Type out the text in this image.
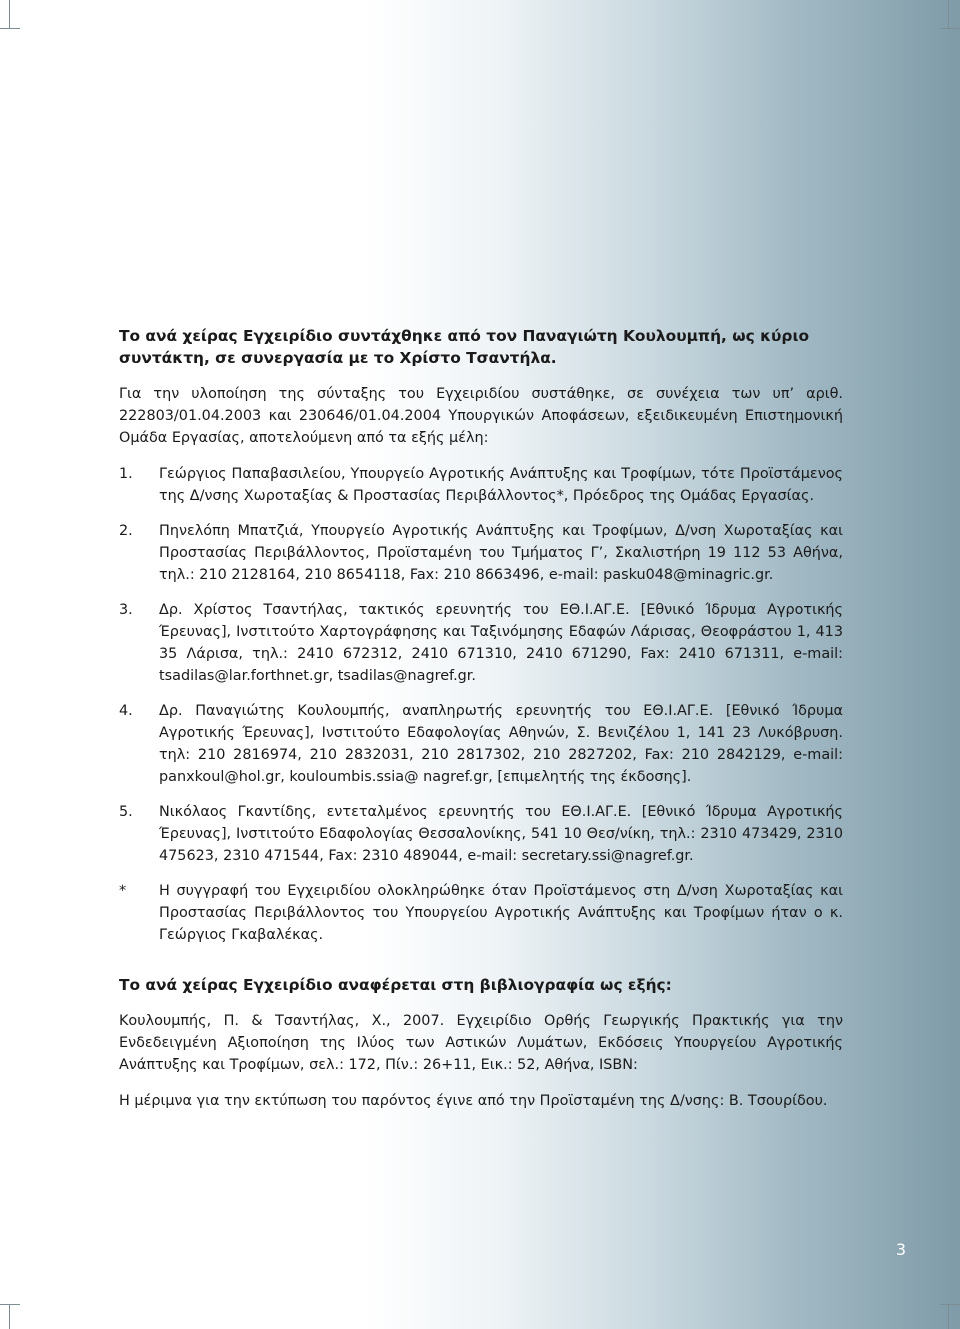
Το ανά χείρας Εγχειρίδιο συντάχθηκε από τον Παναγιώτη Κουλουμπή, ως κύριο συντάκτη, σε συνεργασία με το Χρίστο Τσαντήλα.

Για την υλοποίηση της σύνταξης του Εγχειριδίου συστάθηκε, σε συνέχεια των υπ’ αριθ. 222803/01.04.2003 και 230646/01.04.2004 Υπουργικών Αποφάσεων, εξειδικευμένη Επιστημονική Ομάδα Εργασίας, αποτελούμενη από τα εξής μέλη:

1.	Γεώργιος Παπαβασιλείου, Υπουργείο Αγροτικής Ανάπτυξης και Τροφίμων, τότε Προϊστάμενος της Δ/νσης Χωροταξίας & Προστασίας Περιβάλλοντος*, Πρόεδρος της Ομάδας Εργασίας.
2.	Πηνελόπη Μπατζιά, Υπουργείο Αγροτικής Ανάπτυξης και Τροφίμων, Δ/νση Χωροταξίας και Προστασίας Περιβάλλοντος, Προϊσταμένη του Τμήματος Γ’, Σκαλιστήρη 19 112 53 Αθήνα, τηλ.: 210 2128164, 210 8654118, Fax: 210 8663496, e-mail: pasku048@minagric.gr.
3.	Δρ. Χρίστος Τσαντήλας, τακτικός ερευνητής του ΕΘ.Ι.ΑΓ.Ε. [Εθνικό Ίδρυμα Αγροτικής Έρευνας], Ινστιτούτο Χαρτογράφησης και Ταξινόμησης Εδαφών Λάρισας, Θεοφράστου 1, 413 35 Λάρισα, τηλ.: 2410 672312, 2410 671310, 2410 671290, Fax: 2410 671311, e-mail: tsadilas@lar.forthnet.gr, tsadilas@nagref.gr.
4.	Δρ. Παναγιώτης Κουλουμπής, αναπληρωτής ερευνητής του ΕΘ.Ι.ΑΓ.Ε. [Εθνικό Ίδρυμα Αγροτικής Έρευνας], Ινστιτούτο Εδαφολογίας Αθηνών, Σ. Βενιζέλου 1, 141 23 Λυκόβρυση. τηλ: 210 2816974, 210 2832031, 210 2817302, 210 2827202, Fax: 210 2842129, e-mail: panxkoul@hol.gr, kouloumbis.ssia@ nagref.gr, [επιμελητής της έκδοσης].
5.	Νικόλαος Γκαντίδης, εντεταλμένος ερευνητής του ΕΘ.Ι.ΑΓ.Ε. [Εθνικό Ίδρυμα Αγροτικής Έρευνας], Ινστιτούτο Εδαφολογίας Θεσσαλονίκης, 541 10 Θεσ/νίκη, τηλ.: 2310 473429, 2310 475623, 2310 471544, Fax: 2310 489044, e-mail: secretary.ssi@nagref.gr.
*	Η συγγραφή του Εγχειριδίου ολοκληρώθηκε όταν Προϊστάμενος στη Δ/νση Χωροταξίας και Προστασίας Περιβάλλοντος του Υπουργείου Αγροτικής Ανάπτυξης και Τροφίμων ήταν ο κ. Γεώργιος Γκαβαλέκας.

Το ανά χείρας Εγχειρίδιο αναφέρεται στη βιβλιογραφία ως εξής:

Κουλουμπής, Π. & Τσαντήλας, Χ., 2007. Εγχειρίδιο Ορθής Γεωργικής Πρακτικής για την Ενδεδειγμένη Αξιοποίηση της Ιλύος των Αστικών Λυμάτων, Εκδόσεις Υπουργείου Αγροτικής Ανάπτυξης και Τροφίμων, σελ.: 172, Πίν.: 26+11, Εικ.: 52, Αθήνα, ISBN:

Η μέριμνα για την εκτύπωση του παρόντος έγινε από την Προϊσταμένη της Δ/νσης: Β. Τσουρίδου.

3
